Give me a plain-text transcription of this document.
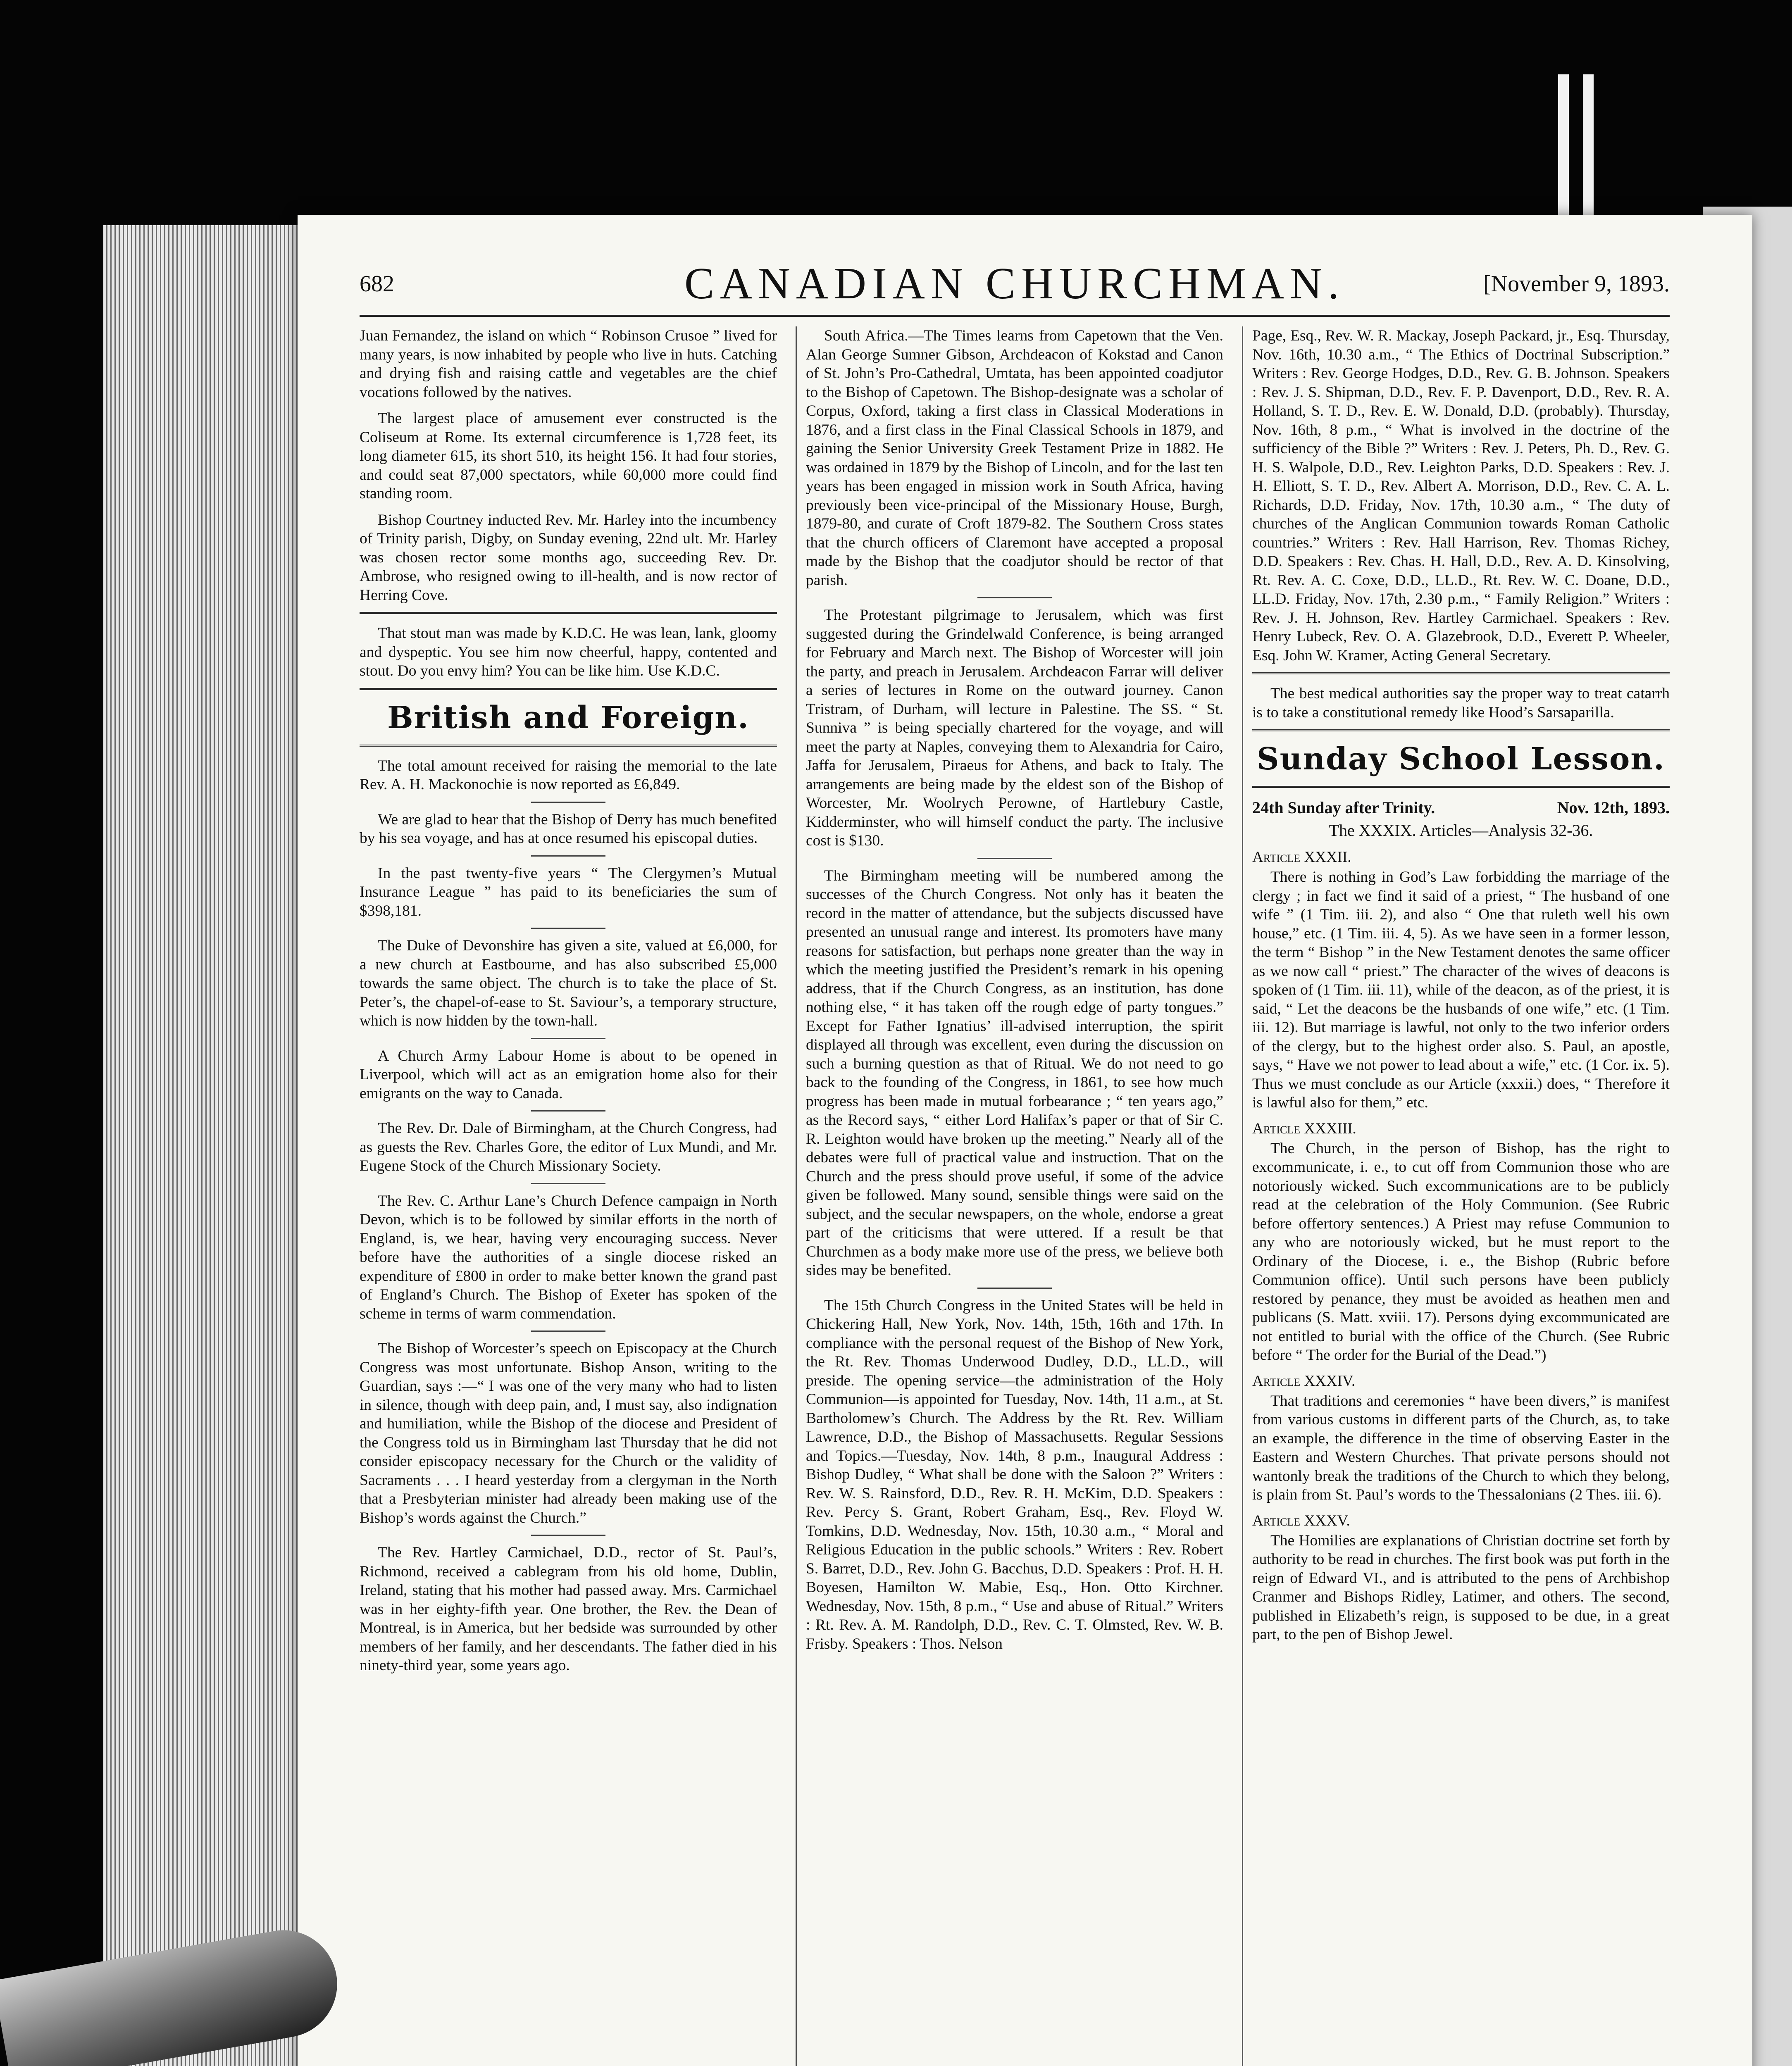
682	CANADIAN CHURCHMAN.	[November 9, 1893.

Juan Fernandez, the island on which “ Robinson Crusoe ” lived for many years, is now inhabited by people who live in huts. Catching and drying fish and raising cattle and vegetables are the chief vocations followed by the natives.

The largest place of amusement ever constructed is the Coliseum at Rome. Its external circumference is 1,728 feet, its long diameter 615, its short 510, its height 156. It had four stories, and could seat 87,000 spectators, while 60,000 more could find standing room.

Bishop Courtney inducted Rev. Mr. Harley into the incumbency of Trinity parish, Digby, on Sunday evening, 22nd ult. Mr. Harley was chosen rector some months ago, succeeding Rev. Dr. Ambrose, who resigned owing to ill-health, and is now rector of Herring Cove.

That stout man was made by K.D.C. He was lean, lank, gloomy and dyspeptic. You see him now cheerful, happy, contented and stout. Do you envy him? You can be like him. Use K.D.C.

British and Foreign.

The total amount received for raising the memorial to the late Rev. A. H. Mackonochie is now reported as £6,849.

We are glad to hear that the Bishop of Derry has much benefited by his sea voyage, and has at once resumed his episcopal duties.

In the past twenty-five years “ The Clergymen’s Mutual Insurance League ” has paid to its beneficiaries the sum of $398,181.

The Duke of Devonshire has given a site, valued at £6,000, for a new church at Eastbourne, and has also subscribed £5,000 towards the same object. The church is to take the place of St. Peter’s, the chapel-of-ease to St. Saviour’s, a temporary structure, which is now hidden by the town-hall.

A Church Army Labour Home is about to be opened in Liverpool, which will act as an emigration home also for their emigrants on the way to Canada.

The Rev. Dr. Dale of Birmingham, at the Church Congress, had as guests the Rev. Charles Gore, the editor of Lux Mundi, and Mr. Eugene Stock of the Church Missionary Society.

The Rev. C. Arthur Lane’s Church Defence campaign in North Devon, which is to be followed by similar efforts in the north of England, is, we hear, having very encouraging success. Never before have the authorities of a single diocese risked an expenditure of £800 in order to make better known the grand past of England’s Church. The Bishop of Exeter has spoken of the scheme in terms of warm commendation.

The Bishop of Worcester’s speech on Episcopacy at the Church Congress was most unfortunate. Bishop Anson, writing to the Guardian, says :—“ I was one of the very many who had to listen in silence, though with deep pain, and, I must say, also indignation and humiliation, while the Bishop of the diocese and President of the Congress told us in Birmingham last Thursday that he did not consider episcopacy necessary for the Church or the validity of Sacraments . . . I heard yesterday from a clergyman in the North that a Presbyterian minister had already been making use of the Bishop’s words against the Church.”

The Rev. Hartley Carmichael, D.D., rector of St. Paul’s, Richmond, received a cablegram from his old home, Dublin, Ireland, stating that his mother had passed away. Mrs. Carmichael was in her eighty-fifth year. One brother, the Rev. the Dean of Montreal, is in America, but her bedside was surrounded by other members of her family, and her descendants. The father died in his ninety-third year, some years ago.

South Africa.—The Times learns from Capetown that the Ven. Alan George Sumner Gibson, Archdeacon of Kokstad and Canon of St. John’s Pro-Cathedral, Umtata, has been appointed coadjutor to the Bishop of Capetown. The Bishop-designate was a scholar of Corpus, Oxford, taking a first class in Classical Moderations in 1876, and a first class in the Final Classical Schools in 1879, and gaining the Senior University Greek Testament Prize in 1882. He was ordained in 1879 by the Bishop of Lincoln, and for the last ten years has been engaged in mission work in South Africa, having previously been vice-principal of the Missionary House, Burgh, 1879-80, and curate of Croft 1879-82. The Southern Cross states that the church officers of Claremont have accepted a proposal made by the Bishop that the coadjutor should be rector of that parish.

The Protestant pilgrimage to Jerusalem, which was first suggested during the Grindelwald Conference, is being arranged for February and March next. The Bishop of Worcester will join the party, and preach in Jerusalem. Archdeacon Farrar will deliver a series of lectures in Rome on the outward journey. Canon Tristram, of Durham, will lecture in Palestine. The SS. “ St. Sunniva ” is being specially chartered for the voyage, and will meet the party at Naples, conveying them to Alexandria for Cairo, Jaffa for Jerusalem, Piraeus for Athens, and back to Italy. The arrangements are being made by the eldest son of the Bishop of Worcester, Mr. Woolrych Perowne, of Hartlebury Castle, Kidderminster, who will himself conduct the party. The inclusive cost is $130.

The Birmingham meeting will be numbered among the successes of the Church Congress. Not only has it beaten the record in the matter of attendance, but the subjects discussed have presented an unusual range and interest. Its promoters have many reasons for satisfaction, but perhaps none greater than the way in which the meeting justified the President’s remark in his opening address, that if the Church Congress, as an institution, has done nothing else, “ it has taken off the rough edge of party tongues.” Except for Father Ignatius’ ill-advised interruption, the spirit displayed all through was excellent, even during the discussion on such a burning question as that of Ritual. We do not need to go back to the founding of the Congress, in 1861, to see how much progress has been made in mutual forbearance ; “ ten years ago,” as the Record says, “ either Lord Halifax’s paper or that of Sir C. R. Leighton would have broken up the meeting.” Nearly all of the debates were full of practical value and instruction. That on the Church and the press should prove useful, if some of the advice given be followed. Many sound, sensible things were said on the subject, and the secular newspapers, on the whole, endorse a great part of the criticisms that were uttered. If a result be that Churchmen as a body make more use of the press, we believe both sides may be benefited.

The 15th Church Congress in the United States will be held in Chickering Hall, New York, Nov. 14th, 15th, 16th and 17th. In compliance with the personal request of the Bishop of New York, the Rt. Rev. Thomas Underwood Dudley, D.D., LL.D., will preside. The opening service—the administration of the Holy Communion—is appointed for Tuesday, Nov. 14th, 11 a.m., at St. Bartholomew’s Church. The Address by the Rt. Rev. William Lawrence, D.D., the Bishop of Massachusetts. Regular Sessions and Topics.—Tuesday, Nov. 14th, 8 p.m., Inaugural Address : Bishop Dudley, “ What shall be done with the Saloon ?” Writers : Rev. W. S. Rainsford, D.D., Rev. R. H. McKim, D.D. Speakers : Rev. Percy S. Grant, Robert Graham, Esq., Rev. Floyd W. Tomkins, D.D. Wednesday, Nov. 15th, 10.30 a.m., “ Moral and Religious Education in the public schools.” Writers : Rev. Robert S. Barret, D.D., Rev. John G. Bacchus, D.D. Speakers : Prof. H. H. Boyesen, Hamilton W. Mabie, Esq., Hon. Otto Kirchner. Wednesday, Nov. 15th, 8 p.m., “ Use and abuse of Ritual.” Writers : Rt. Rev. A. M. Randolph, D.D., Rev. C. T. Olmsted, Rev. W. B. Frisby. Speakers : Thos. Nelson

Page, Esq., Rev. W. R. Mackay, Joseph Packard, jr., Esq. Thursday, Nov. 16th, 10.30 a.m., “ The Ethics of Doctrinal Subscription.” Writers : Rev. George Hodges, D.D., Rev. G. B. Johnson. Speakers : Rev. J. S. Shipman, D.D., Rev. F. P. Davenport, D.D., Rev. R. A. Holland, S. T. D., Rev. E. W. Donald, D.D. (probably). Thursday, Nov. 16th, 8 p.m., “ What is involved in the doctrine of the sufficiency of the Bible ?” Writers : Rev. J. Peters, Ph. D., Rev. G. H. S. Walpole, D.D., Rev. Leighton Parks, D.D. Speakers : Rev. J. H. Elliott, S. T. D., Rev. Albert A. Morrison, D.D., Rev. C. A. L. Richards, D.D. Friday, Nov. 17th, 10.30 a.m., “ The duty of churches of the Anglican Communion towards Roman Catholic countries.” Writers : Rev. Hall Harrison, Rev. Thomas Richey, D.D. Speakers : Rev. Chas. H. Hall, D.D., Rev. A. D. Kinsolving, Rt. Rev. A. C. Coxe, D.D., LL.D., Rt. Rev. W. C. Doane, D.D., LL.D. Friday, Nov. 17th, 2.30 p.m., “ Family Religion.” Writers : Rev. J. H. Johnson, Rev. Hartley Carmichael. Speakers : Rev. Henry Lubeck, Rev. O. A. Glazebrook, D.D., Everett P. Wheeler, Esq. John W. Kramer, Acting General Secretary.

The best medical authorities say the proper way to treat catarrh is to take a constitutional remedy like Hood’s Sarsaparilla.

Sunday School Lesson.
24th Sunday after Trinity.	Nov. 12th, 1893.
The XXXIX. Articles—Analysis 32-36.
Article XXXII.

There is nothing in God’s Law forbidding the marriage of the clergy ; in fact we find it said of a priest, “ The husband of one wife ” (1 Tim. iii. 2), and also “ One that ruleth well his own house,” etc. (1 Tim. iii. 4, 5). As we have seen in a former lesson, the term “ Bishop ” in the New Testament denotes the same officer as we now call “ priest.” The character of the wives of deacons is spoken of (1 Tim. iii. 11), while of the deacon, as of the priest, it is said, “ Let the deacons be the husbands of one wife,” etc. (1 Tim. iii. 12). But marriage is lawful, not only to the two inferior orders of the clergy, but to the highest order also. S. Paul, an apostle, says, “ Have we not power to lead about a wife,” etc. (1 Cor. ix. 5). Thus we must conclude as our Article (xxxii.) does, “ Therefore it is lawful also for them,” etc.

Article XXXIII.

The Church, in the person of Bishop, has the right to excommunicate, i. e., to cut off from Communion those who are notoriously wicked. Such excommunications are to be publicly read at the celebration of the Holy Communion. (See Rubric before offertory sentences.) A Priest may refuse Communion to any who are notoriously wicked, but he must report to the Ordinary of the Diocese, i. e., the Bishop (Rubric before Communion office). Until such persons have been publicly restored by penance, they must be avoided as heathen men and publicans (S. Matt. xviii. 17). Persons dying excommunicated are not entitled to burial with the office of the Church. (See Rubric before “ The order for the Burial of the Dead.”)

Article XXXIV.

That traditions and ceremonies “ have been divers,” is manifest from various customs in different parts of the Church, as, to take an example, the difference in the time of observing Easter in the Eastern and Western Churches. That private persons should not wantonly break the traditions of the Church to which they belong, is plain from St. Paul’s words to the Thessalonians (2 Thes. iii. 6).

Article XXXV.

The Homilies are explanations of Christian doctrine set forth by authority to be read in churches. The first book was put forth in the reign of Edward VI., and is attributed to the pens of Archbishop Cranmer and Bishops Ridley, Latimer, and others. The second, published in Elizabeth’s reign, is supposed to be due, in a great part, to the pen of Bishop Jewel.
